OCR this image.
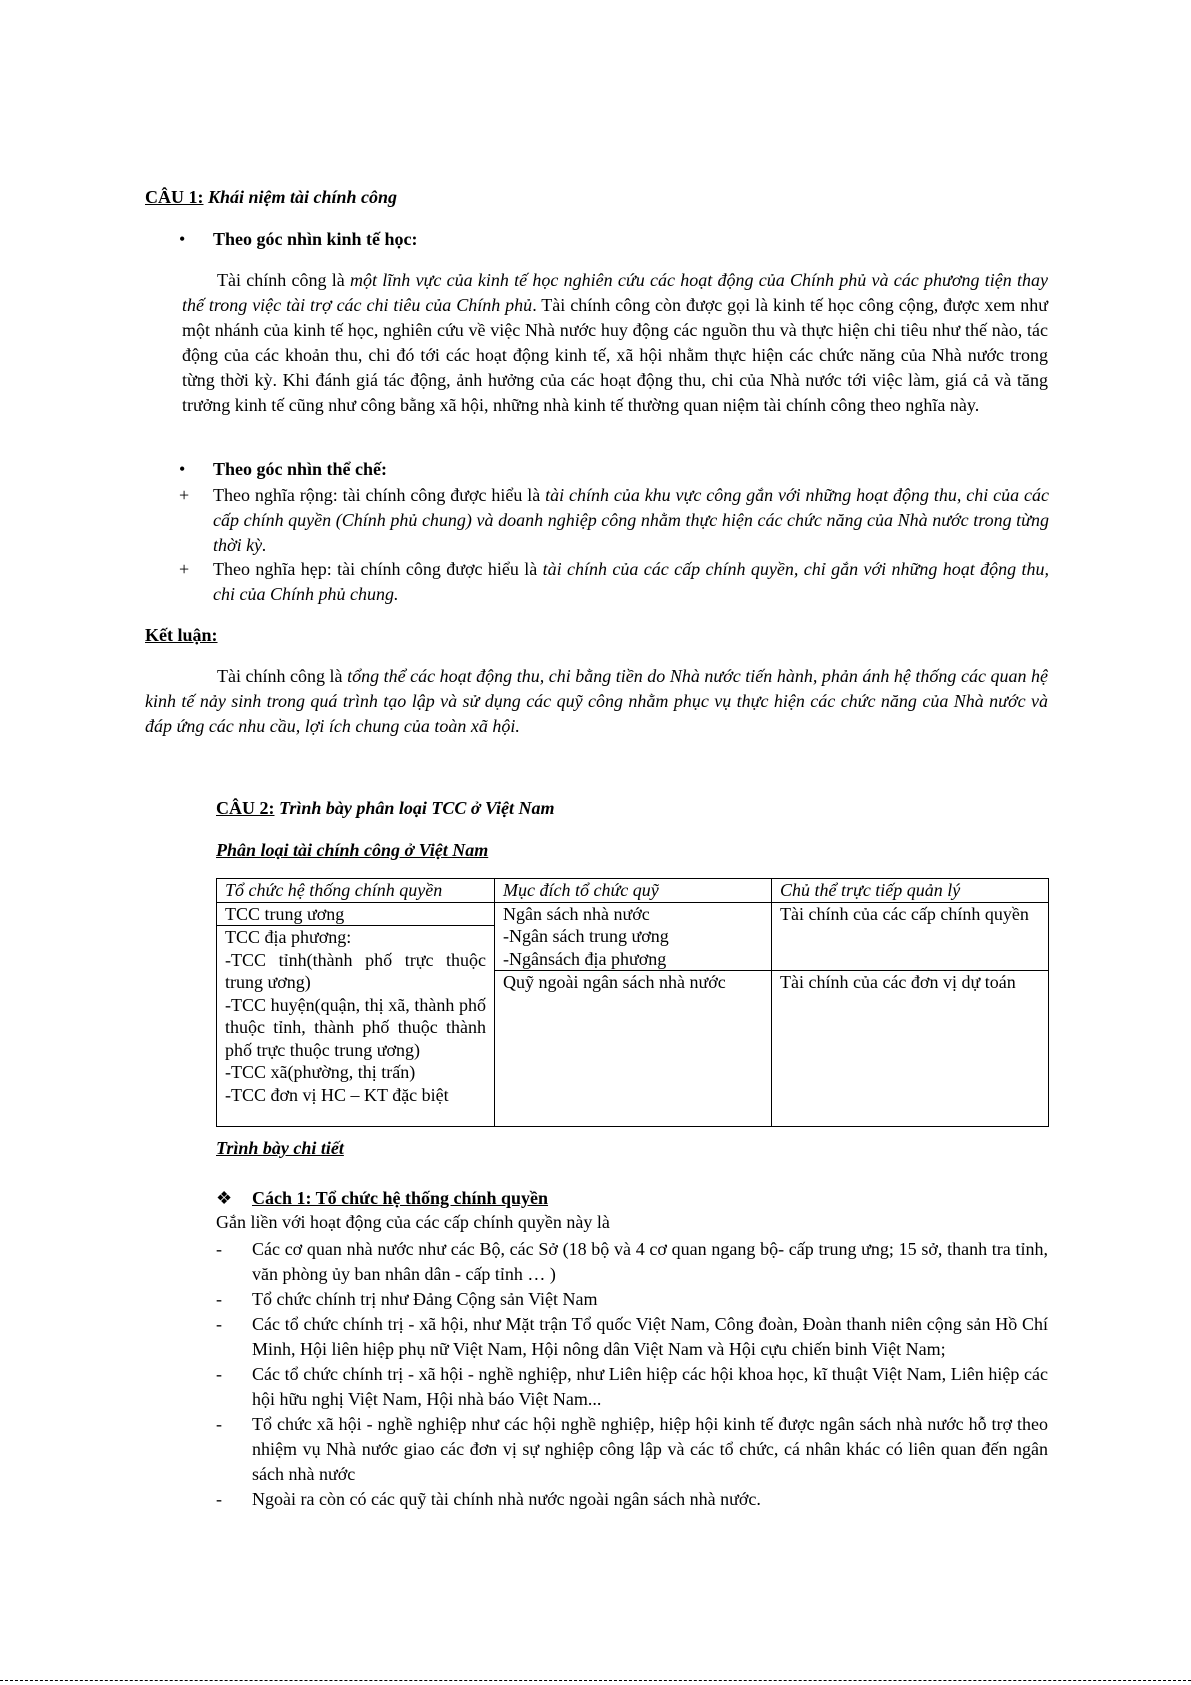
CÂU 1: Khái niệm tài chính công
•	Theo góc nhìn kinh tế học:

Tài chính công là một lĩnh vực của kinh tế học nghiên cứu các hoạt động của Chính phủ và các phương tiện thay thế trong việc tài trợ các chi tiêu của Chính phủ. Tài chính công còn được gọi là kinh tế học công cộng, được xem như một nhánh của kinh tế học, nghiên cứu về việc Nhà nước huy động các nguồn thu và thực hiện chi tiêu như thế nào, tác động của các khoản thu, chi đó tới các hoạt động kinh tế, xã hội nhằm thực hiện các chức năng của Nhà nước trong từng thời kỳ. Khi đánh giá tác động, ảnh hưởng của các hoạt động thu, chi của Nhà nước tới việc làm, giá cả và tăng trưởng kinh tế cũng như công bằng xã hội, những nhà kinh tế thường quan niệm tài chính công theo nghĩa này.

•	Theo góc nhìn thể chế:
+	Theo nghĩa rộng: tài chính công được hiểu là tài chính của khu vực công gắn với những hoạt động thu, chi của các cấp chính quyền (Chính phủ chung) và doanh nghiệp công nhằm thực hiện các chức năng của Nhà nước trong từng thời kỳ.
+	Theo nghĩa hẹp: tài chính công được hiểu là tài chính của các cấp chính quyền, chỉ gắn với những hoạt động thu, chi của Chính phủ chung.
Kết luận:

Tài chính công là tổng thể các hoạt động thu, chi bằng tiền do Nhà nước tiến hành, phản ánh hệ thống các quan hệ kinh tế nảy sinh trong quá trình tạo lập và sử dụng các quỹ công nhằm phục vụ thực hiện các chức năng của Nhà nước và đáp ứng các nhu cầu, lợi ích chung của toàn xã hội.

CÂU 2: Trình bày phân loại TCC ở Việt Nam
Phân loại tài chính công ở Việt Nam
Tổ chức hệ thống chính quyền	Mục đích tổ chức quỹ	Chủ thể trực tiếp quản lý
TCC trung ương	Ngân sách nhà nước
-Ngân sách trung ương
-Ngânsách địa phương	Tài chính của các cấp chính quyền

TCC địa phương:
-TCC tỉnh(thành phố trực thuộc trung ương)
-TCC huyện(quận, thị xã, thành phố thuộc tỉnh, thành phố thuộc thành phố trực thuộc trung ương)
-TCC xã(phường, thị trấn)
-TCC đơn vị HC – KT đặc biệt		

	Quỹ ngoài ngân sách nhà nước	Tài chính của các đơn vị dự toán
Trình bày chi tiết
❖ Cách 1: Tổ chức hệ thống chính quyền
Gắn liền với hoạt động của các cấp chính quyền này là
-	Các cơ quan nhà nước như các Bộ, các Sở (18 bộ và 4 cơ quan ngang bộ- cấp trung ưng; 15 sở, thanh tra tỉnh, văn phòng ủy ban nhân dân - cấp tỉnh … )
-	Tổ chức chính trị như Đảng Cộng sản Việt Nam
-	Các tổ chức chính trị - xã hội, như Mặt trận Tổ quốc Việt Nam, Công đoàn, Đoàn thanh niên cộng sản Hồ Chí Minh, Hội liên hiệp phụ nữ Việt Nam, Hội nông dân Việt Nam và Hội cựu chiến binh Việt Nam;
-	Các tổ chức chính trị - xã hội - nghề nghiệp, như Liên hiệp các hội khoa học, kĩ thuật Việt Nam, Liên hiệp các hội hữu nghị Việt Nam, Hội nhà báo Việt Nam...
-	Tổ chức xã hội - nghề nghiệp như các hội nghề nghiệp, hiệp hội kinh tế được ngân sách nhà nước hỗ trợ theo nhiệm vụ Nhà nước giao các đơn vị sự nghiệp công lập và các tổ chức, cá nhân khác có liên quan đến ngân sách nhà nước
-	Ngoài ra còn có các quỹ tài chính nhà nước ngoài ngân sách nhà nước.
